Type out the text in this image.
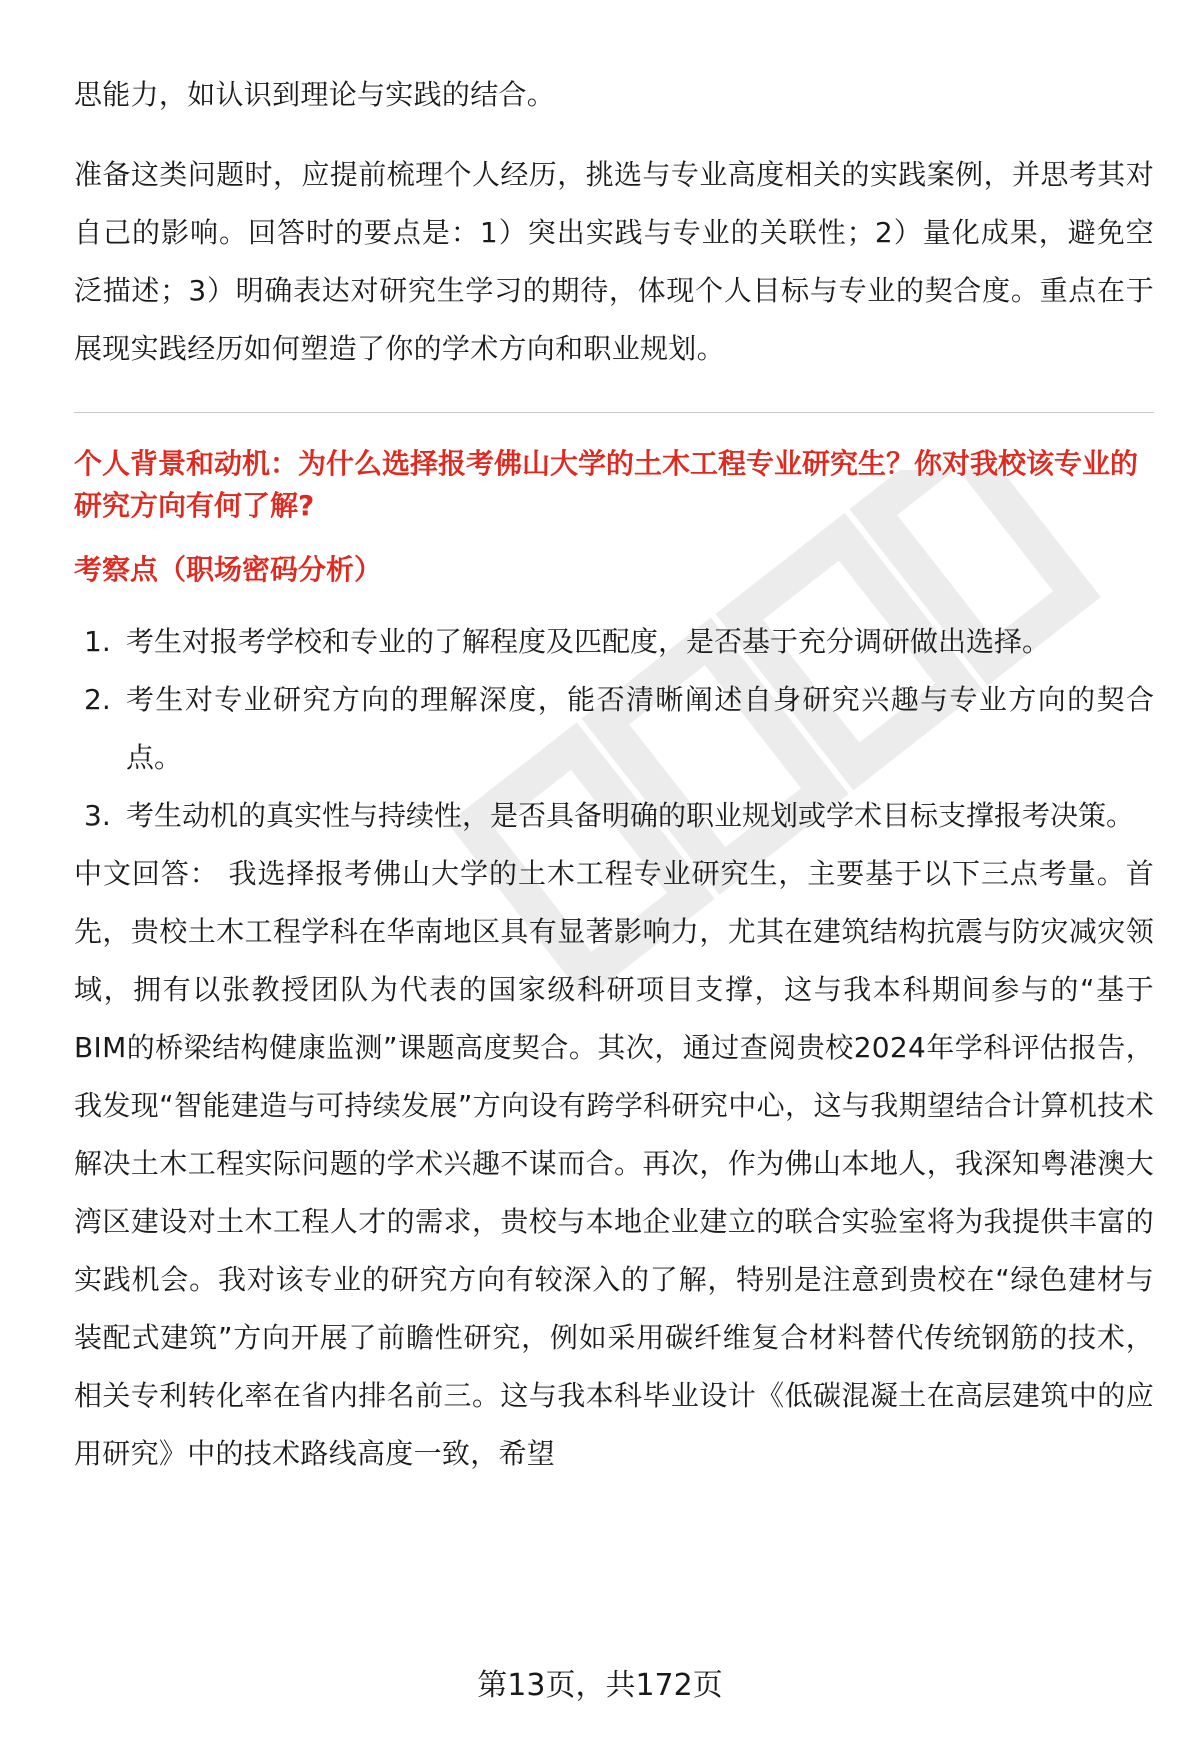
思能力，如认识到理论与实践的结合。

准备这类问题时，应提前梳理个人经历，挑选与专业高度相关的实践案例，并思考其对自己的影响。回答时的要点是：1）突出实践与专业的关联性；2）量化成果，避免空泛描述；3）明确表达对研究生学习的期待，体现个人目标与专业的契合度。重点在于展现实践经历如何塑造了你的学术方向和职业规划。

个人背景和动机：为什么选择报考佛山大学的土木工程专业研究生？你对我校该专业的研究方向有何了解?

考察点（职场密码分析）

1. 考生对报考学校和专业的了解程度及匹配度，是否基于充分调研做出选择。
2. 考生对专业研究方向的理解深度，能否清晰阐述自身研究兴趣与专业方向的契合点。
3. 考生动机的真实性与持续性，是否具备明确的职业规划或学术目标支撑报考决策。

中文回答： 我选择报考佛山大学的土木工程专业研究生，主要基于以下三点考量。首先，贵校土木工程学科在华南地区具有显著影响力，尤其在建筑结构抗震与防灾减灾领域，拥有以张教授团队为代表的国家级科研项目支撑，这与我本科期间参与的“基于BIM的桥梁结构健康监测”课题高度契合。其次，通过查阅贵校2024年学科评估报告，我发现“智能建造与可持续发展”方向设有跨学科研究中心，这与我期望结合计算机技术解决土木工程实际问题的学术兴趣不谋而合。再次，作为佛山本地人，我深知粤港澳大湾区建设对土木工程人才的需求，贵校与本地企业建立的联合实验室将为我提供丰富的实践机会。我对该专业的研究方向有较深入的了解，特别是注意到贵校在“绿色建材与装配式建筑”方向开展了前瞻性研究，例如采用碳纤维复合材料替代传统钢筋的技术，相关专利转化率在省内排名前三。这与我本科毕业设计《低碳混凝土在高层建筑中的应用研究》中的技术路线高度一致，希望

第13页，共172页
